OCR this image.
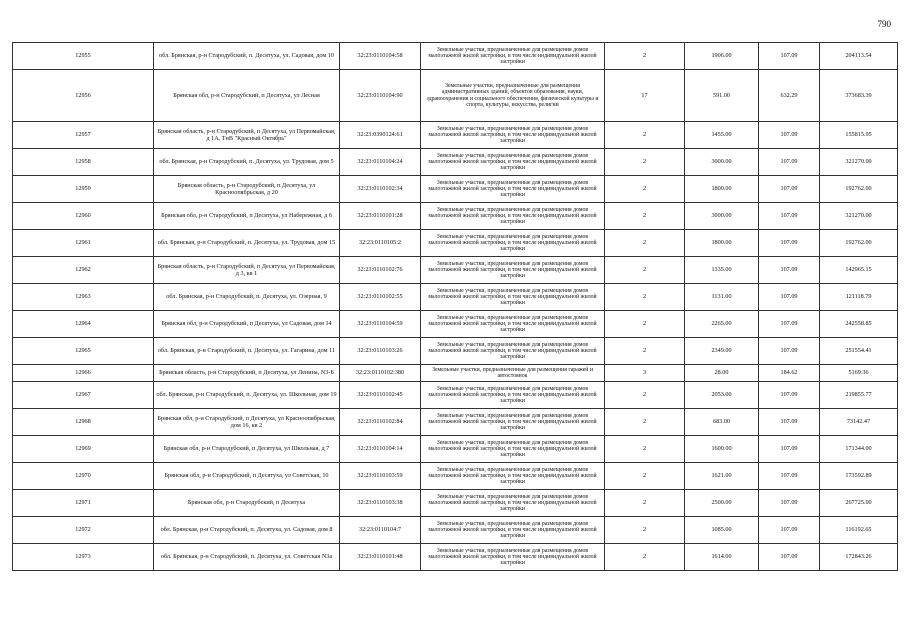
790
12955	обл. Брянская, р-н Стародубский, п. Десятуха, ул. Садовая, дом 10	32:23:0110104:58	Земельные участки, предназначенные для размещения домов малоэтажной жилой застройки, в том числе индивидуальной жилой застройки	2	1906.00	107.09	204113.54
12956	Брянская обл, р-н Стародубский, п Десятуха, ул Лесная	32:23:0110104:90	Земельные участки, предназначенные для размещения административных зданий, объектов образования, науки, здравоохранения и социального обеспечения, физической культуры и спорта, культуры, искусства, религии	17	591.00	632.29	373683.39
12957	Брянская область, р-н Стародубский, п Десятуха, ул Первомайская, д 1А, ТнВ "Красный Октябрь"	32:23:0390124:61	Земельные участки, предназначенные для размещения домов малоэтажной жилой застройки, в том числе индивидуальной жилой застройки	2	1455.00	107.09	155815.95
12958	обл. Брянская, р-н Стародубский, п. Десятуха, ул. Трудовая, дом 5	32:23:0110104:24	Земельные участки, предназначенные для размещения домов малоэтажной жилой застройки, в том числе индивидуальной жилой застройки	2	3000.00	107.09	321270.00
12959	Брянская область, р-н Стародубский, п Десятуха, ул Красноопябрьская, д 20	32:23:0110102:34	Земельные участки, предназначенные для размещения домов малоэтажной жилой застройки, в том числе индивидуальной жилой застройки	2	1800.00	107.09	192762.00
12960	Брянская обл, р-н Стародубский, п Десятуха, ул Набережная, д 6	32:23:0110101:28	Земельные участки, предназначенные для размещения домов малоэтажной жилой застройки, в том числе индивидуальной жилой застройки	2	3000.00	107.09	321270.00
12961	обл. Брянская, р-н Стародубский, п. Десятуха, ул. Трудовая, дом 15	32:23:0110105:2	Земельные участки, предназначенные для размещения домов малоэтажной жилой застройки, в том числе индивидуальной жилой застройки	2	1800.00	107.09	192762.00
12962	Брянская область, р-н Стародубский, п Десятуха, ул Первомайская, д 3, кв 1	32:23:0110102:76	Земельные участки, предназначенные для размещения домов малоэтажной жилой застройки, в том числе индивидуальной жилой застройки	2	1335.00	107.09	142965.15
12963	обл. Брянская, р-н Стародубский, п. Десятуха, ул. Озерная, 9	32:23:0110102:55	Земельные участки, предназначенные для размещения домов малоэтажной жилой застройки, в том числе индивидуальной жилой застройки	2	1131.00	107.09	121118.79
12964	Брянская обл, р-н Стародубский, п Десятуха, ул Садовая, дом 14	32:23:0110104:59	Земельные участки, предназначенные для размещения домов малоэтажной жилой застройки, в том числе индивидуальной жилой застройки	2	2265.00	107.09	242558.85
12965	обл. Брянская, р-н Стародубский, п. Десятуха, ул. Гагарина, дом 11	32:23:0110103:26	Земельные участки, предназначенные для размещения домов малоэтажной жилой застройки, в том числе индивидуальной жилой застройки	2	2349.00	107.09	251554.41
12966	Брянская область, р-н Стародубский, п Десятуха, ул Ленина, N3-Б	32:23:0110102:380	Земельные участки, предназначенные для размещения гаражей и автостоянок	3	28.00	184.62	5169.36
12967	обл. Брянская, р-н Стародубский, п. Десятуха, ул. Школьная, дом 19	32:23:0110102:45	Земельные участки, предназначенные для размещения домов малоэтажной жилой застройки, в том числе индивидуальной жилой застройки	2	2053.00	107.09	219855.77
12968	Брянская обл, р-н Стародубский, п Десятуха, ул Красноопябрьская, дом 16, кв 2	32:23:0110102:84	Земельные участки, предназначенные для размещения домов малоэтажной жилой застройки, в том числе индивидуальной жилой застройки	2	683.00	107.09	73142.47
12969	Брянская обл, р-н Стародубский, п Десятуха, ул Школьная, д 7	32:23:0110104:14	Земельные участки, предназначенные для размещения домов малоэтажной жилой застройки, в том числе индивидуальной жилой застройки	2	1600.00	107.09	171344.00
12970	Брянская обл, р-н Стародубский, п Десятуха, ул Советская, 10	32:23:0110103:59	Земельные участки, предназначенные для размещения домов малоэтажной жилой застройки, в том числе индивидуальной жилой застройки	2	1621.00	107.09	173592.89
12971	Брянская обл, р-н Стародубский, п Десятуха	32:23:0110103:38	Земельные участки, предназначенные для размещения домов малоэтажной жилой застройки, в том числе индивидуальной жилой застройки	2	2500.00	107.09	267725.00
12972	обл. Брянская, р-н Стародубский, п. Десятуха, ул. Садовая, дом 8	32:23:0110104:7	Земельные участки, предназначенные для размещения домов малоэтажной жилой застройки, в том числе индивидуальной жилой застройки	2	1085.00	107.09	116192.65
12973	обл. Брянская, р-н Стародубский, п. Десятуха, ул. Советская N3а	32:23:0110101:48	Земельные участки, предназначенные для размещения домов малоэтажной жилой застройки, в том числе индивидуальной жилой застройки	2	1614.00	107.09	172843.26
